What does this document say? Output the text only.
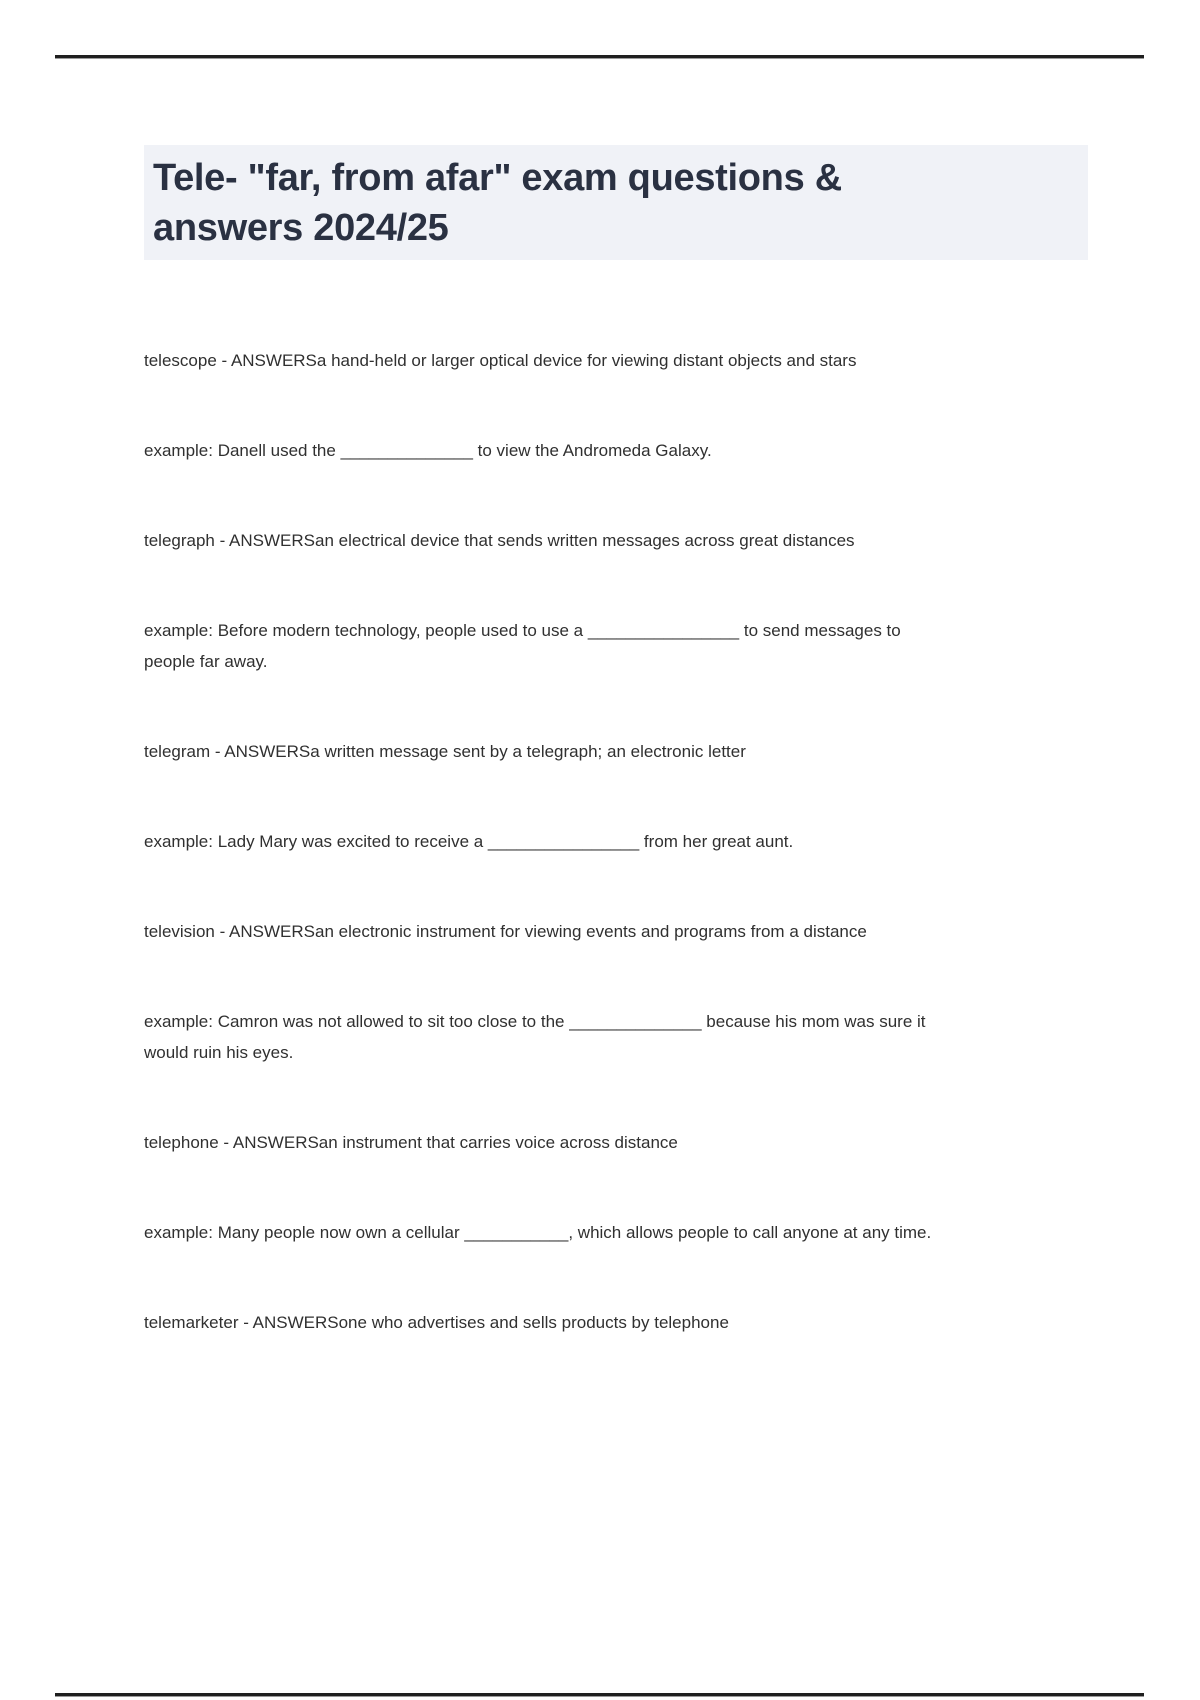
Tele- "far, from afar" exam questions &
answers 2024/25
telescope - ANSWERSa hand-held or larger optical device for viewing distant objects and stars
example: Danell used the ______________ to view the Andromeda Galaxy.
telegraph - ANSWERSan electrical device that sends written messages across great distances
example: Before modern technology, people used to use a ________________ to send messages to
people far away.
telegram - ANSWERSa written message sent by a telegraph; an electronic letter
example: Lady Mary was excited to receive a ________________ from her great aunt.
television - ANSWERSan electronic instrument for viewing events and programs from a distance
example: Camron was not allowed to sit too close to the ______________ because his mom was sure it
would ruin his eyes.
telephone - ANSWERSan instrument that carries voice across distance
example: Many people now own a cellular ___________, which allows people to call anyone at any time.
telemarketer - ANSWERSone who advertises and sells products by telephone
